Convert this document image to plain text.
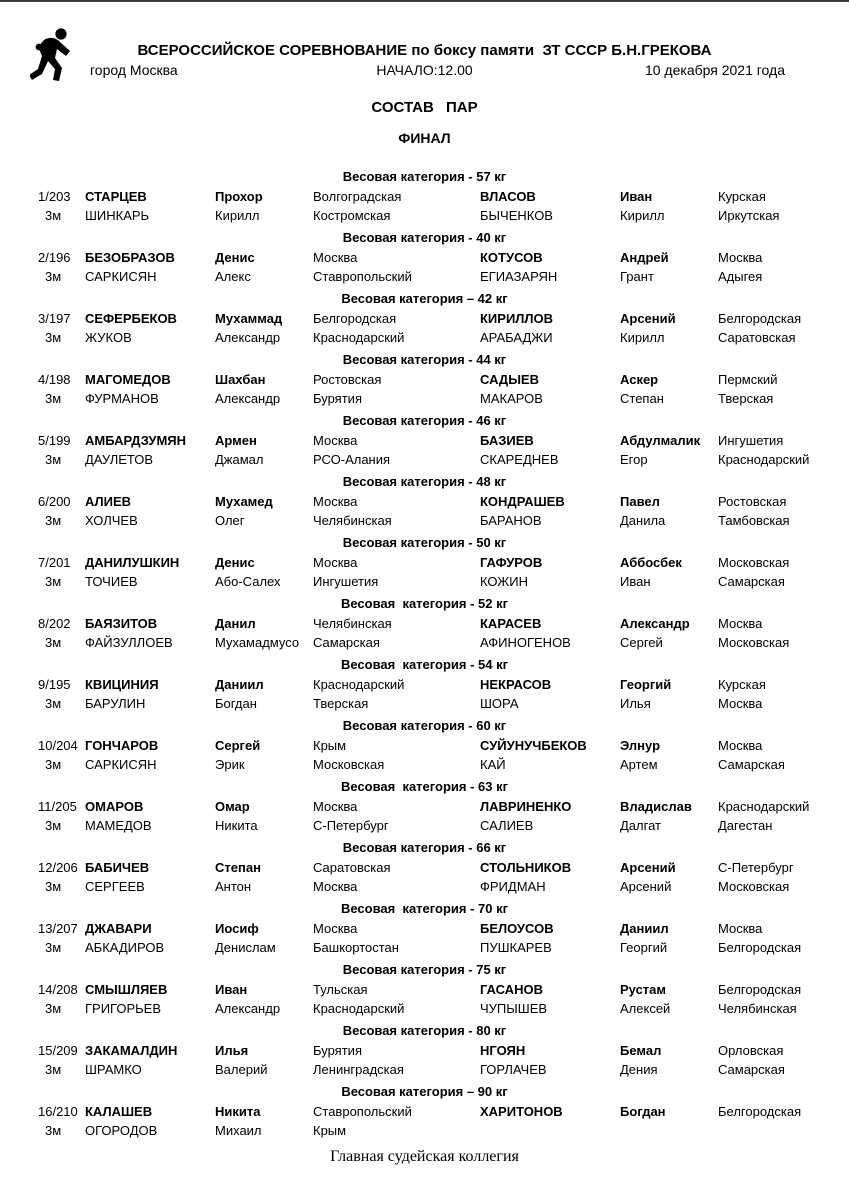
ВСЕРОССИЙСКОЕ СОРЕВНОВАНИЕ по боксу памяти  ЗТ СССР Б.Н.ГРЕКОВА
город Москва	НАЧАЛО:12.00	10 декабря 2021 года
СОСТАВ ПАР
ФИНАЛ
Весовая категория - 57 кг
1/203	СТАРЦЕВ	Прохор	Волгоградская	ВЛАСОВ	Иван	Курская
3м	ШИНКАРЬ	Кирилл	Костромская	БЫЧЕНКОВ	Кирилл	Иркутская
Весовая категория - 40 кг
2/196	БЕЗОБРАЗОВ	Денис	Москва	КОТУСОВ	Андрей	Москва
3м	САРКИСЯН	Алекс	Ставропольский	ЕГИАЗАРЯН	Грант	Адыгея
Весовая категория – 42 кг
3/197	СЕФЕРБЕКОВ	Мухаммад	Белгородская	КИРИЛЛОВ	Арсений	Белгородская
3м	ЖУКОВ	Александр	Краснодарский	АРАБАДЖИ	Кирилл	Саратовская
Весовая категория - 44 кг
4/198	МАГОМЕДОВ	Шахбан	Ростовская	САДЫЕВ	Аскер	Пермский
3м	ФУРМАНОВ	Александр	Бурятия	МАКАРОВ	Степан	Тверская
Весовая категория - 46 кг
5/199	АМБАРДЗУМЯН	Армен	Москва	БАЗИЕВ	Абдулмалик	Ингушетия
3м	ДАУЛЕТОВ	Джамал	РСО-Алания	СКАРЕДНЕВ	Егор	Краснодарский
Весовая категория - 48 кг
6/200	АЛИЕВ	Мухамед	Москва	КОНДРАШЕВ	Павел	Ростовская
3м	ХОЛЧЕВ	Олег	Челябинская	БАРАНОВ	Данила	Тамбовская
Весовая категория - 50 кг
7/201	ДАНИЛУШКИН	Денис	Москва	ГАФУРОВ	Аббосбек	Московская
3м	ТОЧИЕВ	Або-Салех	Ингушетия	КОЖИН	Иван	Самарская
Весовая  категория - 52 кг
8/202	БАЯЗИТОВ	Данил	Челябинская	КАРАСЕВ	Александр	Москва
3м	ФАЙЗУЛЛОЕВ	Мухамадмусо	Самарская	АФИНОГЕНОВ	Сергей	Московская
Весовая  категория - 54 кг
9/195	КВИЦИНИЯ	Даниил	Краснодарский	НЕКРАСОВ	Георгий	Курская
3м	БАРУЛИН	Богдан	Тверская	ШОРА	Илья	Москва
Весовая категория - 60 кг
10/204 ГОНЧАРОВ	Сергей	Крым	СУЙУНУЧБЕКОВ	Элнур	Москва
3м	САРКИСЯН	Эрик	Московская	КАЙ	Артем	Самарская
Весовая  категория - 63 кг
11/205 ОМАРОВ	Омар	Москва	ЛАВРИНЕНКО	Владислав	Краснодарский
3м	МАМЕДОВ	Никита	С-Петербург	САЛИЕВ	Далгат	Дагестан
Весовая категория - 66 кг
12/206 БАБИЧЕВ	Степан	Саратовская	СТОЛЬНИКОВ	Арсений	С-Петербург
3м	СЕРГЕЕВ	Антон	Москва	ФРИДМАН	Арсений	Московская
Весовая  категория - 70 кг
13/207 ДЖАВАРИ	Иосиф	Москва	БЕЛОУСОВ	Даниил	Москва
3м	АБКАДИРОВ	Денислам	Башкортостан	ПУШКАРЕВ	Георгий	Белгородская
Весовая категория - 75 кг
14/208 СМЫШЛЯЕВ	Иван	Тульская	ГАСАНОВ	Рустам	Белгородская
3м	ГРИГОРЬЕВ	Александр	Краснодарский	ЧУПЫШЕВ	Алексей	Челябинская
Весовая категория - 80 кг
15/209 ЗАКАМАЛДИН	Илья	Бурятия	НГОЯН	Бемал	Орловская
3м	ШРАМКО	Валерий	Ленинградская	ГОРЛАЧЕВ	Дения	Самарская
Весовая категория – 90 кг
16/210 КАЛАШЕВ	Никита	Ставропольский	ХАРИТОНОВ	Богдан	Белгородская
3м	ОГОРОДОВ	Михаил	Крым
Главная судейская коллегия
